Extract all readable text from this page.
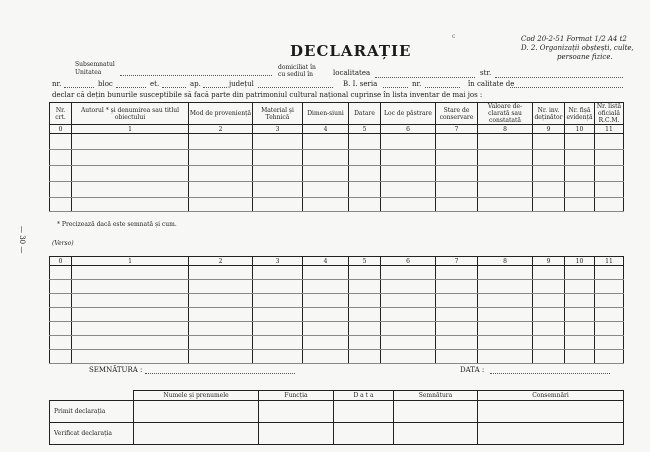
Cod 20-2-51 Format 1/2 A4 t2
D. 2. Organizații obștești, culte,
persoane fizice.
c
DECLARAȚIE
Subsemnatul
Unitatea
domiciliat în
cu sediul în	localitatea	str.
nr.	bloc	et.	ap.	județul	B. I. seria	nr.	în calitate de
declar că dețin bunurile susceptibile să facă parte din patrimoniul cultural național cuprinse în lista inventar de mai jos :
Nr. crt.	Autorul * și denumirea sau titlul obiectului	Mod de proveniență	Material și Tehnică	Dimen-siuni	Datare	Loc de păstrare	Stare de conservare	Valoare de-clarată sau constatată	Nr. inv. deținător	Nr. fișă evidență	Nr. listă oficială R.C.M.
0	1	2	3	4	5	6	7	8	9	10	11

* Precizează dacă este semnată și cum.
— 30 —	(Verso)
0	1	2	3	4	5	6	7	8	9	10	11

SEMNĂTURA :	DATA :
	Numele și prenumele	Funcția	D a t a	Semnătura	Consemnări
Primit declarația					
Verificat declarația					
